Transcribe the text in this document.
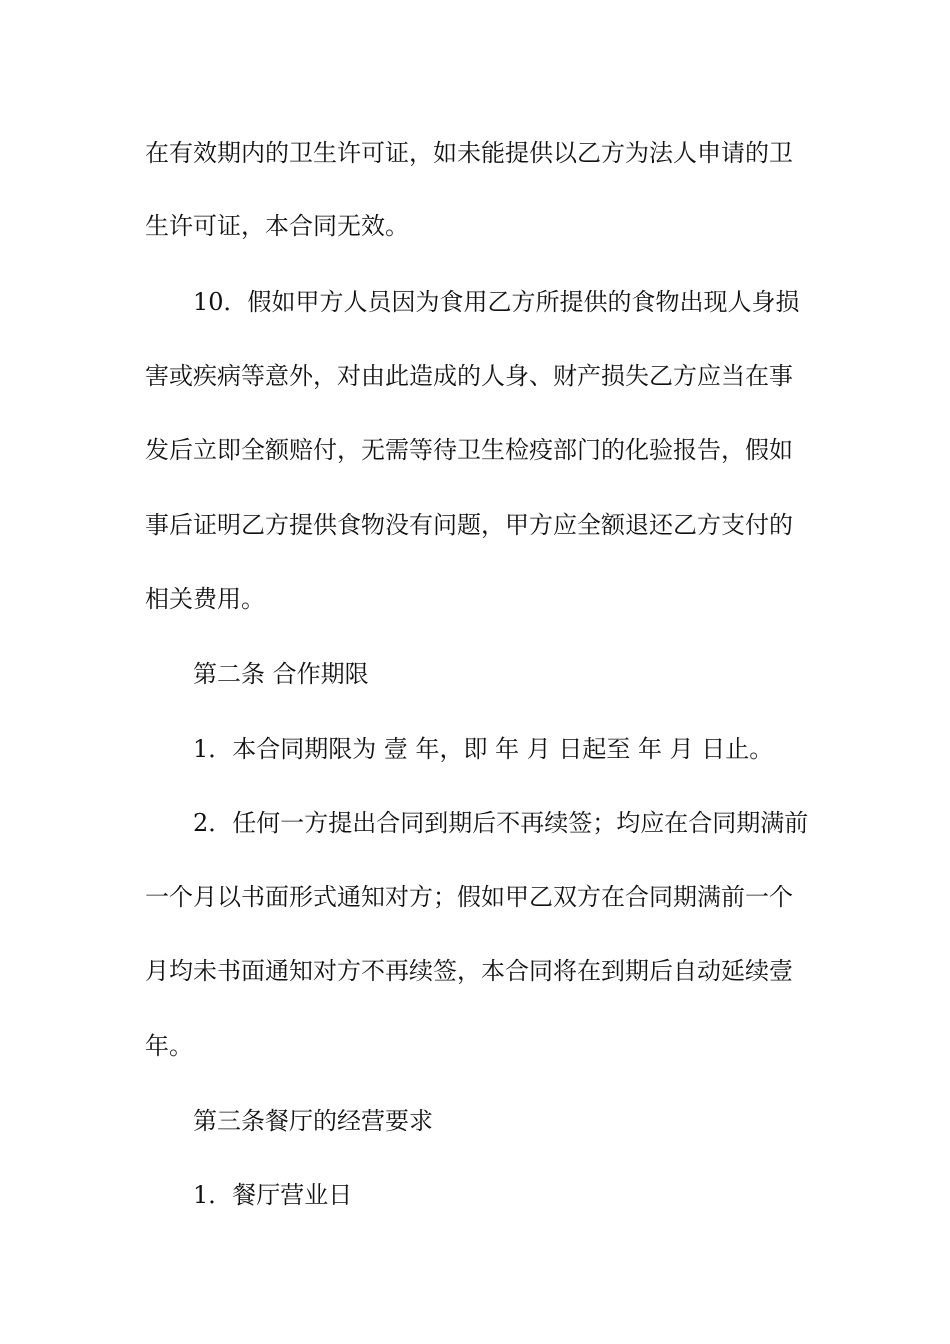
在有效期内的卫生许可证，如未能提供以乙方为法人申请的卫
生许可证，本合同无效。
10．假如甲方人员因为食用乙方所提供的食物出现人身损
害或疾病等意外，对由此造成的人身、财产损失乙方应当在事
发后立即全额赔付，无需等待卫生检疫部门的化验报告，假如
事后证明乙方提供食物没有问题，甲方应全额退还乙方支付的
相关费用。
第二条 合作期限
1．本合同期限为 壹 年，即 年 月 日起至 年 月 日止。
2．任何一方提出合同到期后不再续签；均应在合同期满前
一个月以书面形式通知对方；假如甲乙双方在合同期满前一个
月均未书面通知对方不再续签，本合同将在到期后自动延续壹
年。
第三条餐厅的经营要求
1．餐厅营业日
